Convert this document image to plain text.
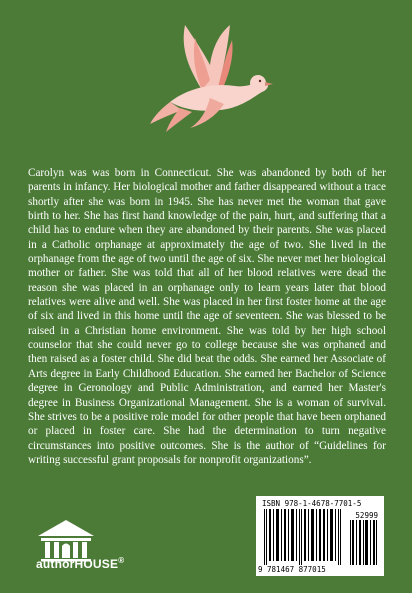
Carolyn was was born in Connecticut. She was abandoned by both of her parents in infancy. Her biological mother and father disappeared without a trace shortly after she was born in 1945. She has never met the woman that gave birth to her. She has first hand knowledge of the pain, hurt, and suffering that a child has to endure when they are abandoned by their parents. She was placed in a Catholic orphanage at approximately the age of two. She lived in the orphanage from the age of two until the age of six. She never met her biological mother or father. She was told that all of her blood relatives were dead the reason she was placed in an orphanage only to learn years later that blood relatives were alive and well. She was placed in her first foster home at the age of six and lived in this home until the age of seventeen. She was blessed to be raised in a Christian home environment. She was told by her high school counselor that she could never go to college because she was orphaned and then raised as a foster child. She did beat the odds. She earned her Associate of Arts degree in Early Childhood Education. She earned her Bachelor of Science degree in Geronology and Public Administration, and earned her Master's degree in Business Organizational Management. She is a woman of survival. She strives to be a positive role model for other people that have been orphaned or placed in foster care. She had the determination to turn negative circumstances into positive outcomes. She is the author of “Guidelines for writing successful grant proposals for nonprofit organizations”.

authorHOUSE®
ISBN 978-1-4678-7701-5
52999
9 781467 877015
